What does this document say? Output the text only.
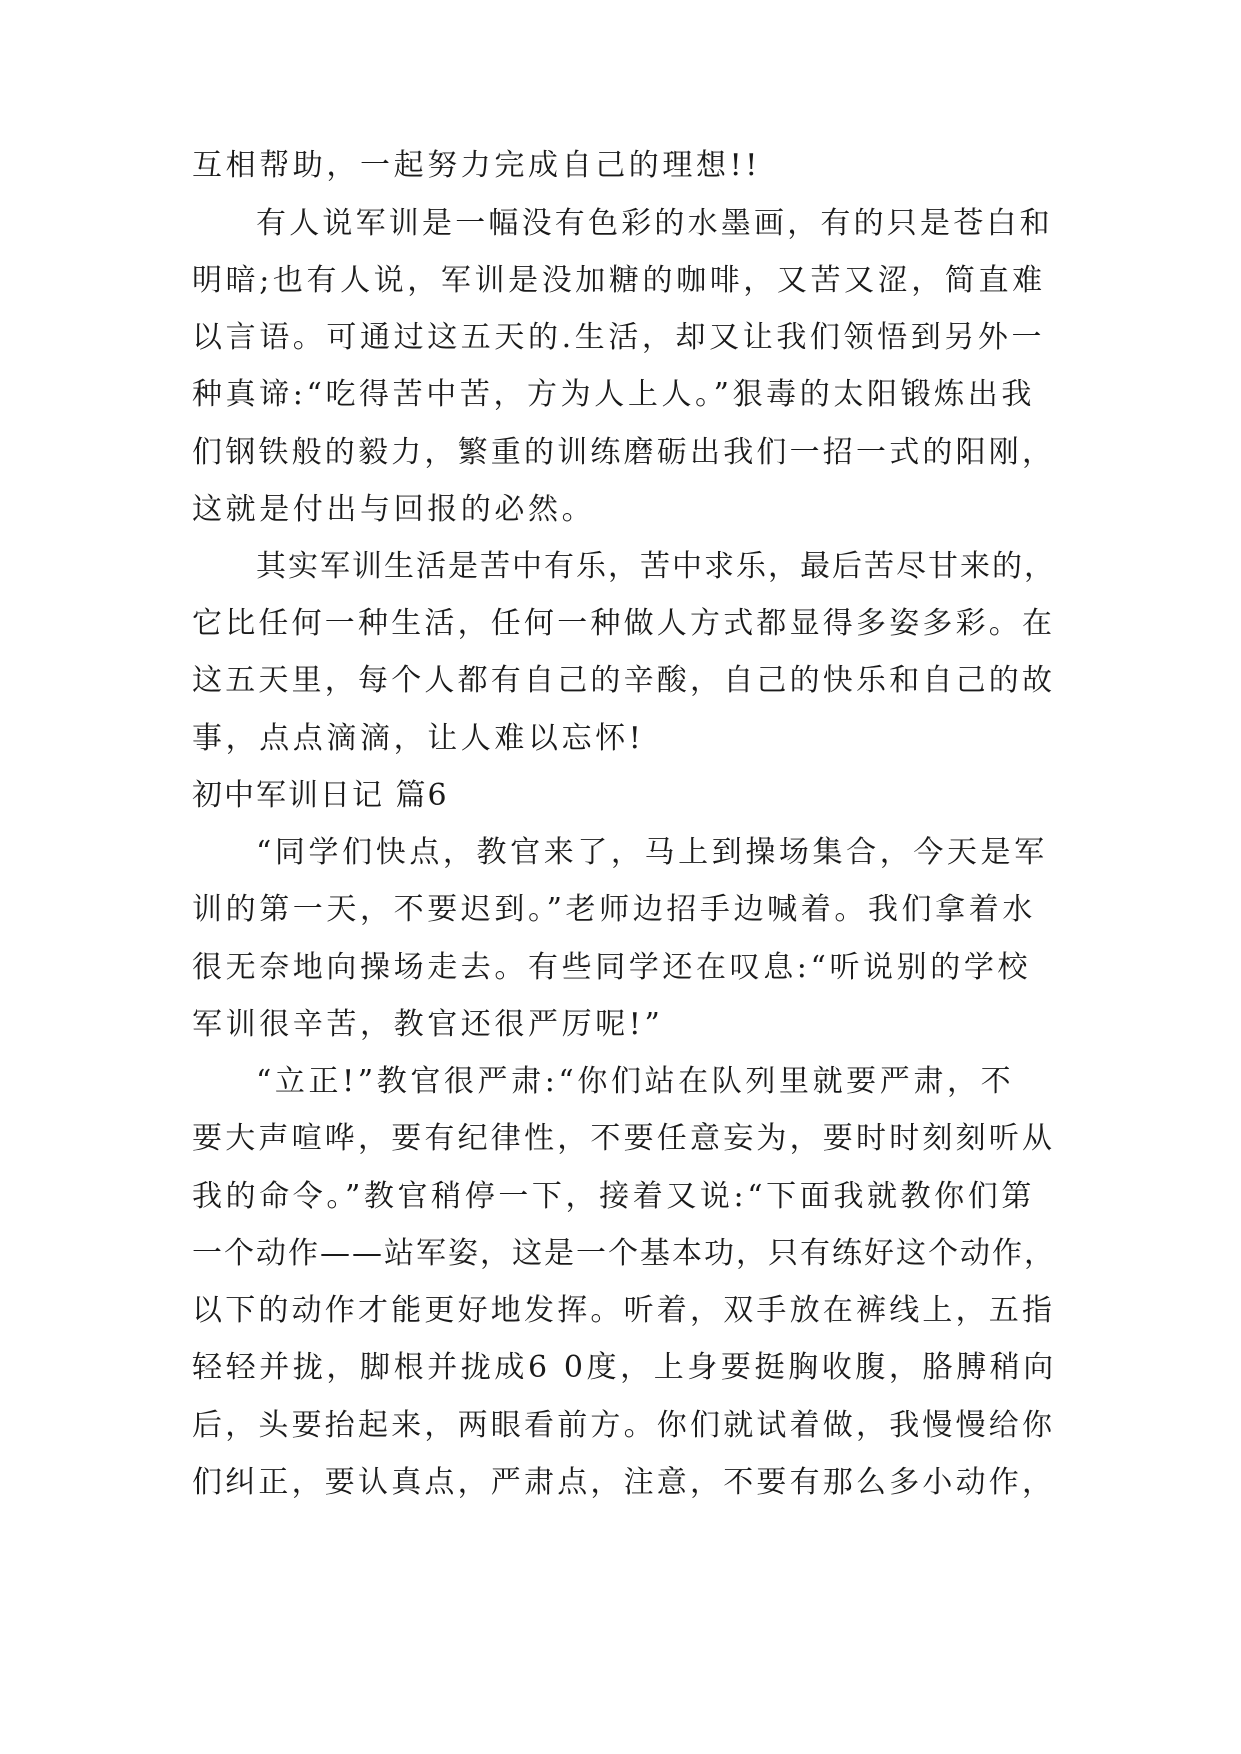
互相帮助，一起努力完成自己的理想!!
有人说军训是一幅没有色彩的水墨画，有的只是苍白和
明暗;也有人说，军训是没加糖的咖啡，又苦又涩，简直难
以言语。可通过这五天的.生活，却又让我们领悟到另外一
种真谛:“吃得苦中苦，方为人上人。”狠毒的太阳锻炼出我
们钢铁般的毅力，繁重的训练磨砺出我们一招一式的阳刚，
这就是付出与回报的必然。
其实军训生活是苦中有乐，苦中求乐，最后苦尽甘来的，
它比任何一种生活，任何一种做人方式都显得多姿多彩。在
这五天里，每个人都有自己的辛酸，自己的快乐和自己的故
事，点点滴滴，让人难以忘怀!
初中军训日记 篇6
“同学们快点，教官来了，马上到操场集合，今天是军
训的第一天，不要迟到。”老师边招手边喊着。我们拿着水
很无奈地向操场走去。有些同学还在叹息:“听说别的学校
军训很辛苦，教官还很严厉呢!”
“立正!”教官很严肃:“你们站在队列里就要严肃，不
要大声喧哗，要有纪律性，不要任意妄为，要时时刻刻听从
我的命令。”教官稍停一下，接着又说:“下面我就教你们第
一个动作——站军姿，这是一个基本功，只有练好这个动作，
以下的动作才能更好地发挥。听着，双手放在裤线上，五指
轻轻并拢，脚根并拢成6 0度，上身要挺胸收腹，胳膊稍向
后，头要抬起来，两眼看前方。你们就试着做，我慢慢给你
们纠正，要认真点，严肃点，注意，不要有那么多小动作，
